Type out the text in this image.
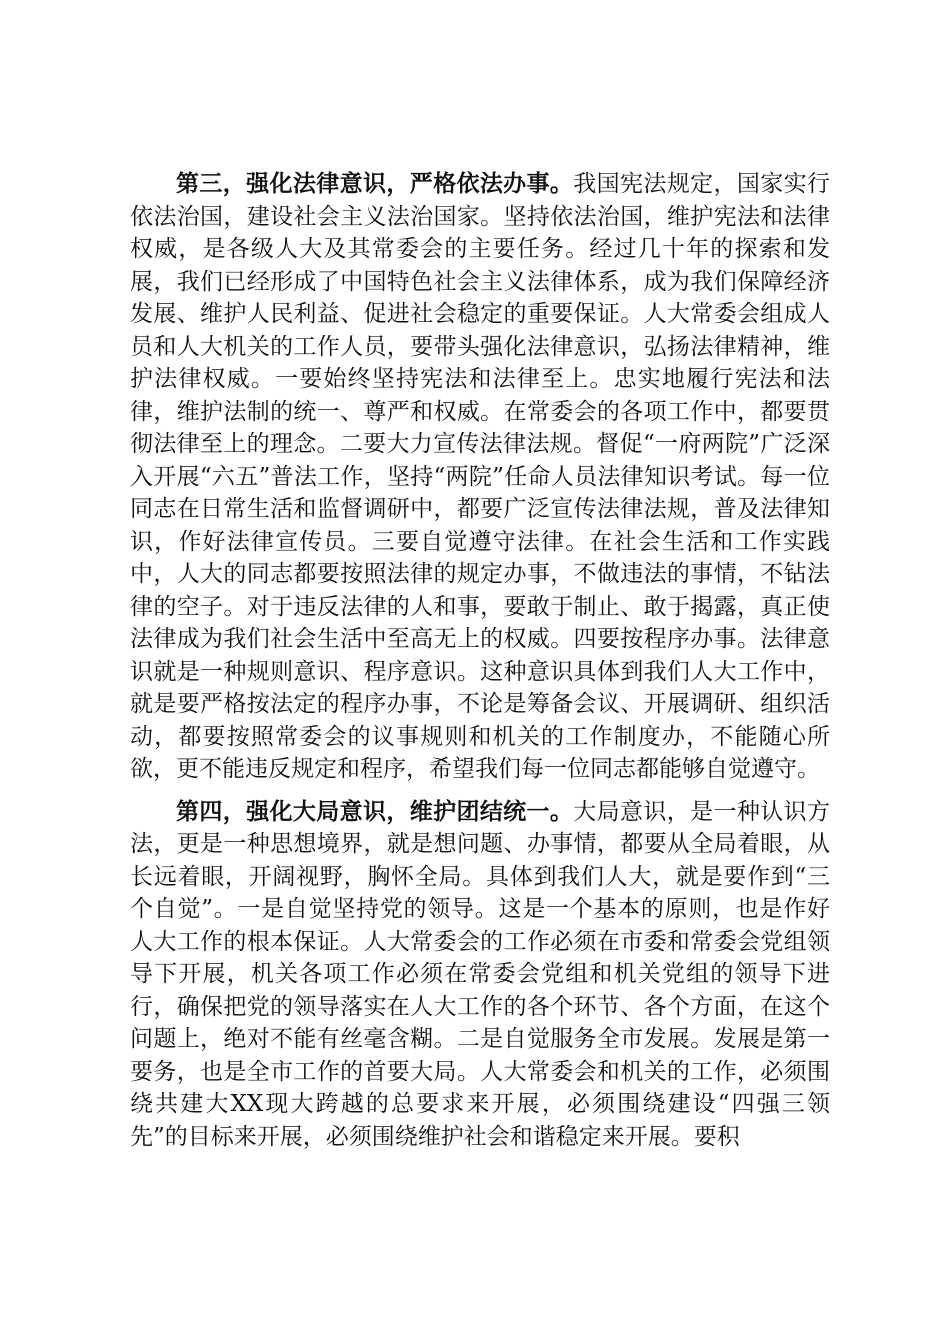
第三，强化法律意识，严格依法办事。我国宪法规定，国家实行依法治国，建设社会主义法治国家。坚持依法治国，维护宪法和法律权威，是各级人大及其常委会的主要任务。经过几十年的探索和发展，我们已经形成了中国特色社会主义法律体系，成为我们保障经济发展、维护人民利益、促进社会稳定的重要保证。人大常委会组成人员和人大机关的工作人员，要带头强化法律意识，弘扬法律精神，维护法律权威。一要始终坚持宪法和法律至上。忠实地履行宪法和法律，维护法制的统一、尊严和权威。在常委会的各项工作中，都要贯彻法律至上的理念。二要大力宣传法律法规。督促“一府两院”广泛深入开展“六五”普法工作，坚持“两院”任命人员法律知识考试。每一位同志在日常生活和监督调研中，都要广泛宣传法律法规，普及法律知识，作好法律宣传员。三要自觉遵守法律。在社会生活和工作实践中，人大的同志都要按照法律的规定办事，不做违法的事情，不钻法律的空子。对于违反法律的人和事，要敢于制止、敢于揭露，真正使法律成为我们社会生活中至高无上的权威。四要按程序办事。法律意识就是一种规则意识、程序意识。这种意识具体到我们人大工作中，就是要严格按法定的程序办事，不论是筹备会议、开展调研、组织活动，都要按照常委会的议事规则和机关的工作制度办，不能随心所欲，更不能违反规定和程序，希望我们每一位同志都能够自觉遵守。

第四，强化大局意识，维护团结统一。大局意识，是一种认识方法，更是一种思想境界，就是想问题、办事情，都要从全局着眼，从长远着眼，开阔视野，胸怀全局。具体到我们人大，就是要作到“三个自觉”。一是自觉坚持党的领导。这是一个基本的原则，也是作好人大工作的根本保证。人大常委会的工作必须在市委和常委会党组领导下开展，机关各项工作必须在常委会党组和机关党组的领导下进行，确保把党的领导落实在人大工作的各个环节、各个方面，在这个问题上，绝对不能有丝毫含糊。二是自觉服务全市发展。发展是第一要务，也是全市工作的首要大局。人大常委会和机关的工作，必须围绕共建大XX现大跨越的总要求来开展，必须围绕建设“四强三领先”的目标来开展，必须围绕维护社会和谐稳定来开展。要积
